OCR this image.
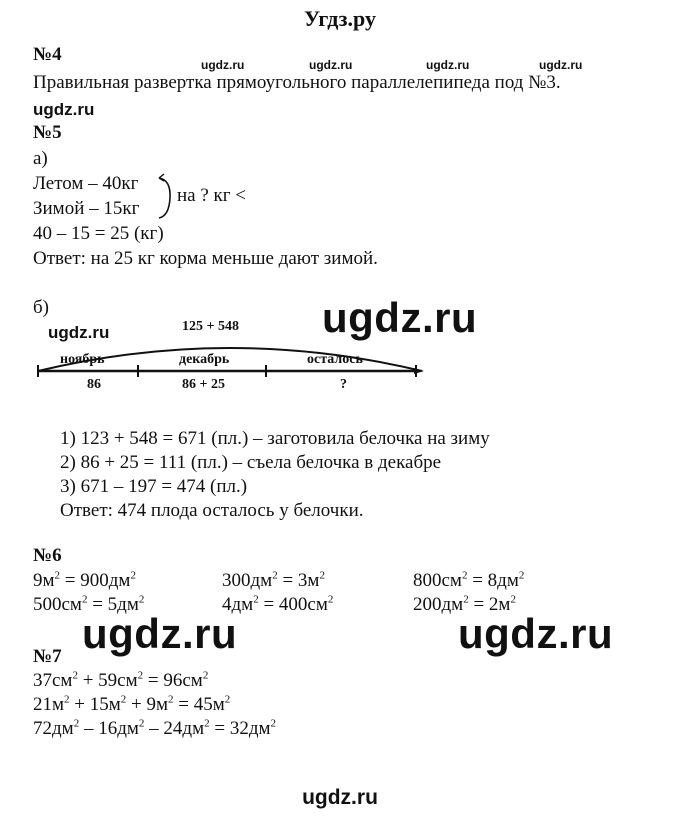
Угдз.ру
№4	ugdz.ru	ugdz.ru	ugdz.ru	ugdz.ru
Правильная развертка прямоугольного параллелепипеда под №3.
ugdz.ru
№5
а)
Летом – 40кг
Зимой – 15кг
на ? кг <
40 – 15 = 25 (кг)
Ответ: на 25 кг корма меньше дают зимой.
б)	ugdz.ru
ugdz.ru	125 + 548
ноябрь	декабрь	осталось
86	86 + 25	?
1) 123 + 548 = 671 (пл.) – заготовила белочка на зиму
2) 86 + 25 = 111 (пл.) – съела белочка в декабре
3) 671 – 197 = 474 (пл.)
Ответ: 474 плода осталось у белочки.
№6
$9м^2 = 900дм^2$	$300дм^2 = 3м^2$	$800см^2 = 8дм^2$
$500см^2 = 5дм^2$	$4дм^2 = 400см^2$	$200дм^2 = 2м^2$
ugdz.ru	ugdz.ru
№7
$37см^2 + 59см^2 = 96см^2$
$21м^2 + 15м^2 + 9м^2 = 45м^2$
$72дм^2 - 16дм^2 - 24дм^2 = 32дм^2$
ugdz.ru
